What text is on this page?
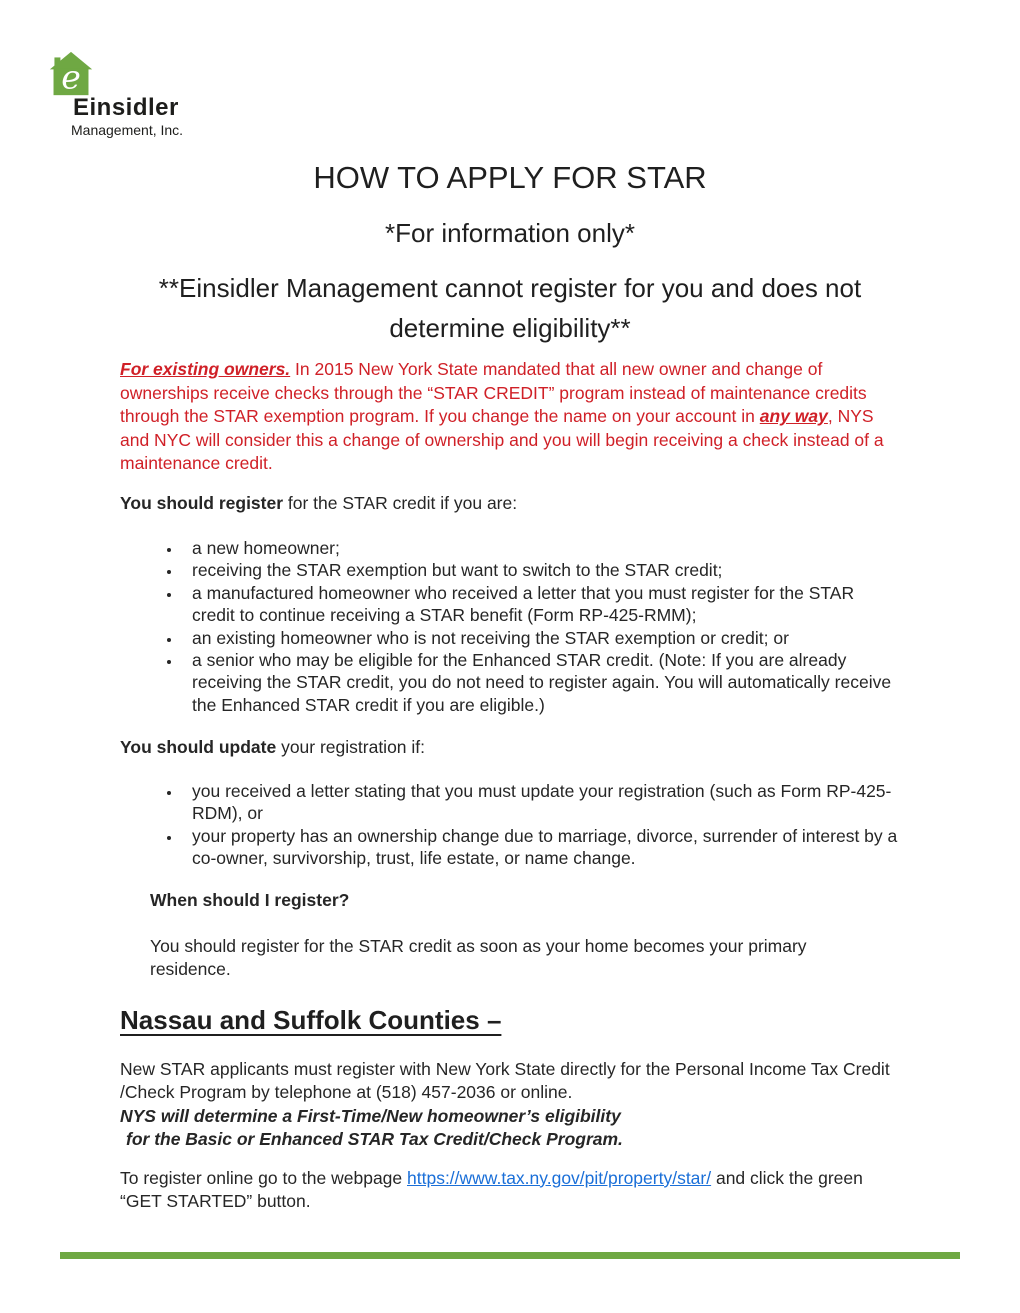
e
Einsidler
Management, Inc.
HOW TO APPLY FOR STAR
*For information only*
**Einsidler Management cannot register for you and does not determine eligibility**

For existing owners. In 2015 New York State mandated that all new owner and change of ownerships receive checks through the “STAR CREDIT” program instead of maintenance credits through the STAR exemption program. If you change the name on your account in any way, NYS and NYC will consider this a change of ownership and you will begin receiving a check instead of a maintenance credit.

You should register for the STAR credit if you are:

• a new homeowner;
• receiving the STAR exemption but want to switch to the STAR credit;
• a manufactured homeowner who received a letter that you must register for the STAR credit to continue receiving a STAR benefit (Form RP-425-RMM);
• an existing homeowner who is not receiving the STAR exemption or credit; or
• a senior who may be eligible for the Enhanced STAR credit. (Note: If you are already receiving the STAR credit, you do not need to register again. You will automatically receive the Enhanced STAR credit if you are eligible.)

You should update your registration if:

• you received a letter stating that you must update your registration (such as Form RP-425-RDM), or
• your property has an ownership change due to marriage, divorce, surrender of interest by a co-owner, survivorship, trust, life estate, or name change.

When should I register?

You should register for the STAR credit as soon as your home becomes your primary residence.

Nassau and Suffolk Counties –

New STAR applicants must register with New York State directly for the Personal Income Tax Credit /Check Program by telephone at (518) 457-2036 or online.

NYS will determine a First-Time/New homeowner’s eligibility
for the Basic or Enhanced STAR Tax Credit/Check Program.

To register online go to the webpage https://www.tax.ny.gov/pit/property/star/ and click the green “GET STARTED” button.
